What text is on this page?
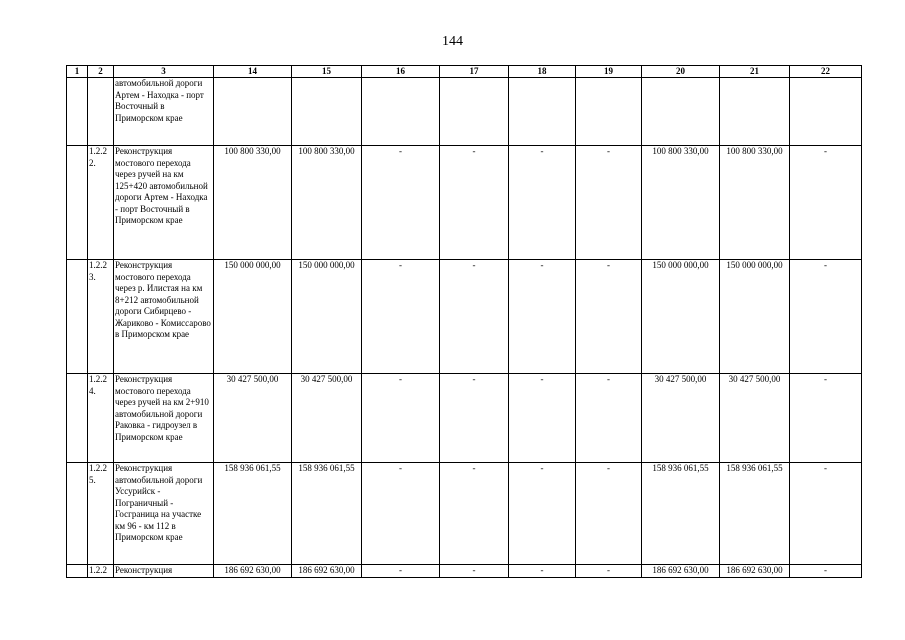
144
1	2	3	14	15	16	17	18	19	20	21	22
		автомобильной дороги Артем - Находка - порт Восточный в Приморском крае									
	1.2.2 2.	Реконструкция мостового перехода через ручей на км 125+420 автомобильной дороги Артем - Находка - порт Восточный в Приморском крае	100 800 330,00	100 800 330,00	-	-	-	-	100 800 330,00	100 800 330,00	-
	1.2.2 3.	Реконструкция мостового перехода через р. Илистая на км 8+212 автомобильной дороги Сибирцево - Жариково - Комиссарово в Приморском крае	150 000 000,00	150 000 000,00	-	-	-	-	150 000 000,00	150 000 000,00	-
	1.2.2 4.	Реконструкция мостового перехода через ручей на км 2+910 автомобильной дороги Раковка - гидроузел в Приморском крае	30 427 500,00	30 427 500,00	-	-	-	-	30 427 500,00	30 427 500,00	-
	1.2.2 5.	Реконструкция автомобильной дороги Уссурийск - Пограничный - Госграница на участке км 96 - км 112 в Приморском крае	158 936 061,55	158 936 061,55	-	-	-	-	158 936 061,55	158 936 061,55	-
	1.2.2	Реконструкция	186 692 630,00	186 692 630,00	-	-	-	-	186 692 630,00	186 692 630,00	-
